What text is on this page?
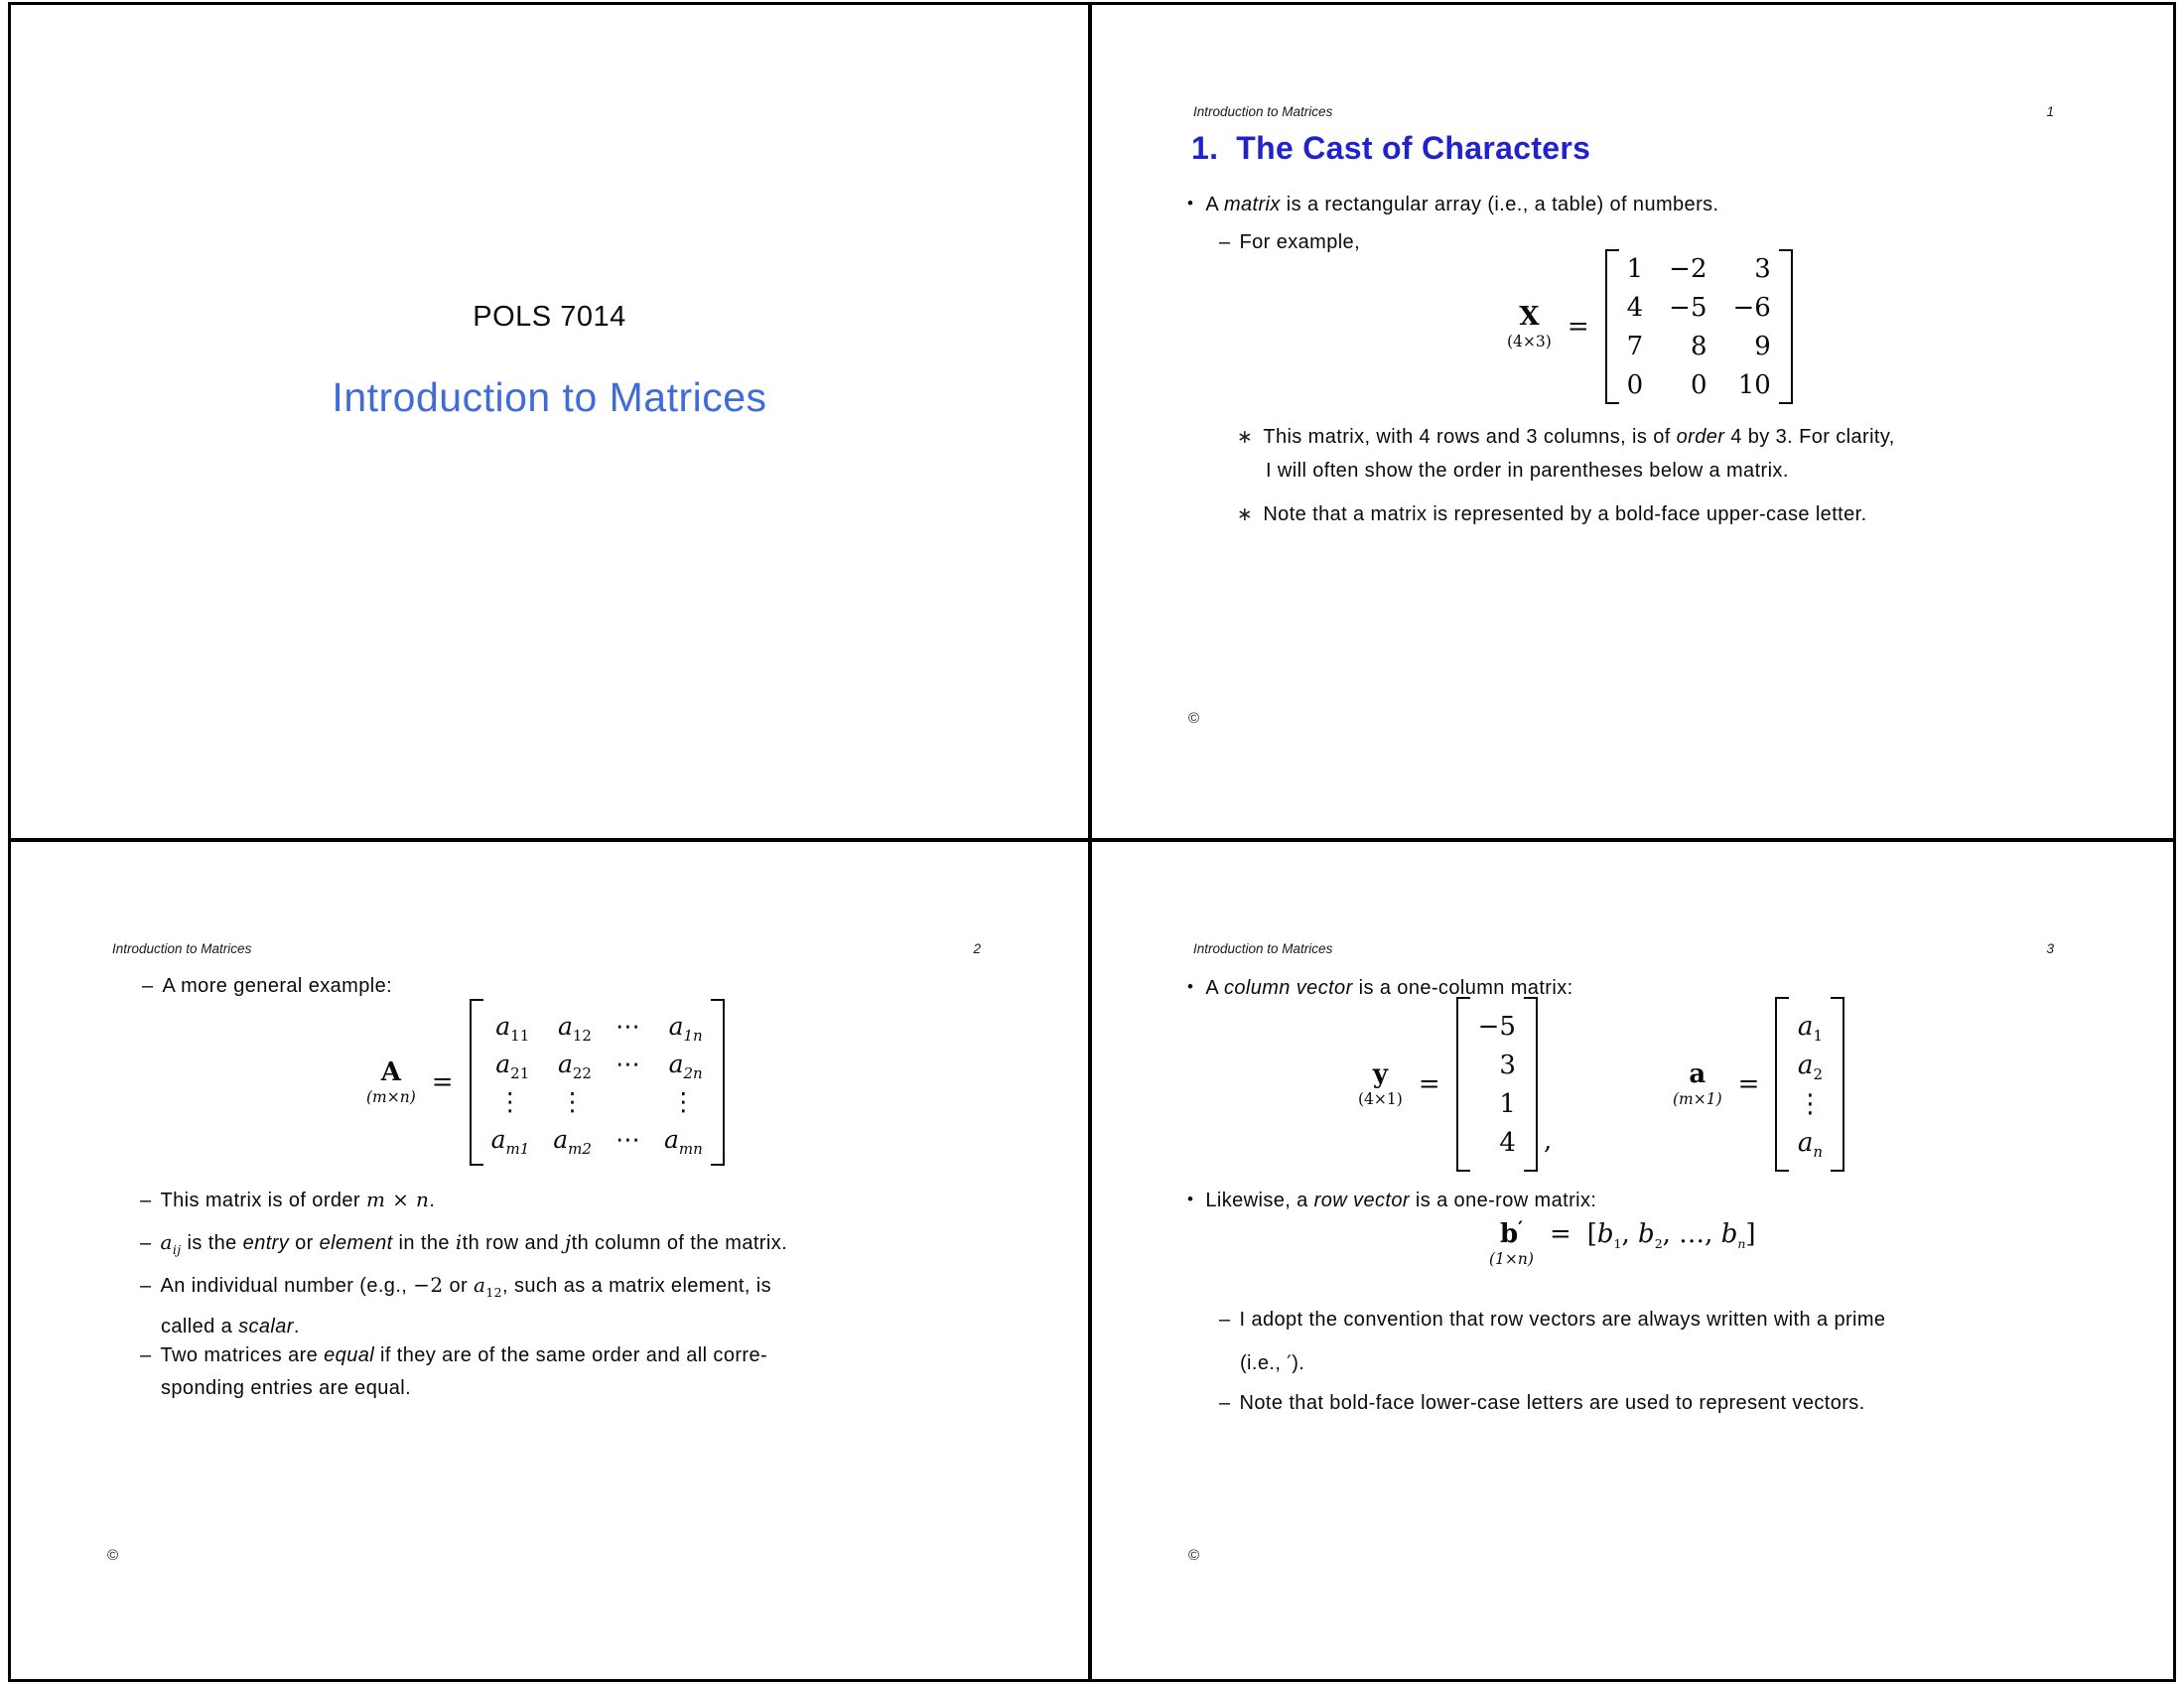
POLS 7014
Introduction to Matrices
Introduction to Matrices	1
1. The Cast of Characters
• A matrix is a rectangular array (i.e., a table) of numbers.
– For example,
X
(4×3)
=
1 −2	3
4 −5 −6
7	8	9
0	0 10
∗ This matrix, with 4 rows and 3 columns, is of order 4 by 3. For clarity,
I will often show the order in parentheses below a matrix.
∗ Note that a matrix is represented by a bold-face upper-case letter.
©
Introduction to Matrices	2
– A more general example:
A
(m×n)
=
$a_{11}$ $a_{12}$ ⋯ $a_{1n}$
$a_{21}$ $a_{22}$ ⋯ $a_{2n}$
⋮ ⋮	⋮
$a_{m1}$ $a_{m2}$ ⋯ $a_{mn}$
– This matrix is of order m × n.
– $a_{ij}$ is the entry or element in the ith row and jth column of the matrix.
– An individual number (e.g., −2 or $a_{12}$, such as a matrix element, is
called a scalar.
– Two matrices are equal if they are of the same order and all corre-
sponding entries are equal.
©
Introduction to Matrices	3
• A column vector is a one-column matrix:
y
(4×1)
=
−5
3
1
4 ,
a
(m×1)
=
$a_1$
$a_2$
⋮
$a_n$
• Likewise, a row vector is a one-row matrix:
b′
(1×n)
= [$b_1$, $b_2$, …, $b_n$]
– I adopt the convention that row vectors are always written with a prime
(i.e., ′).
– Note that bold-face lower-case letters are used to represent vectors.
©
